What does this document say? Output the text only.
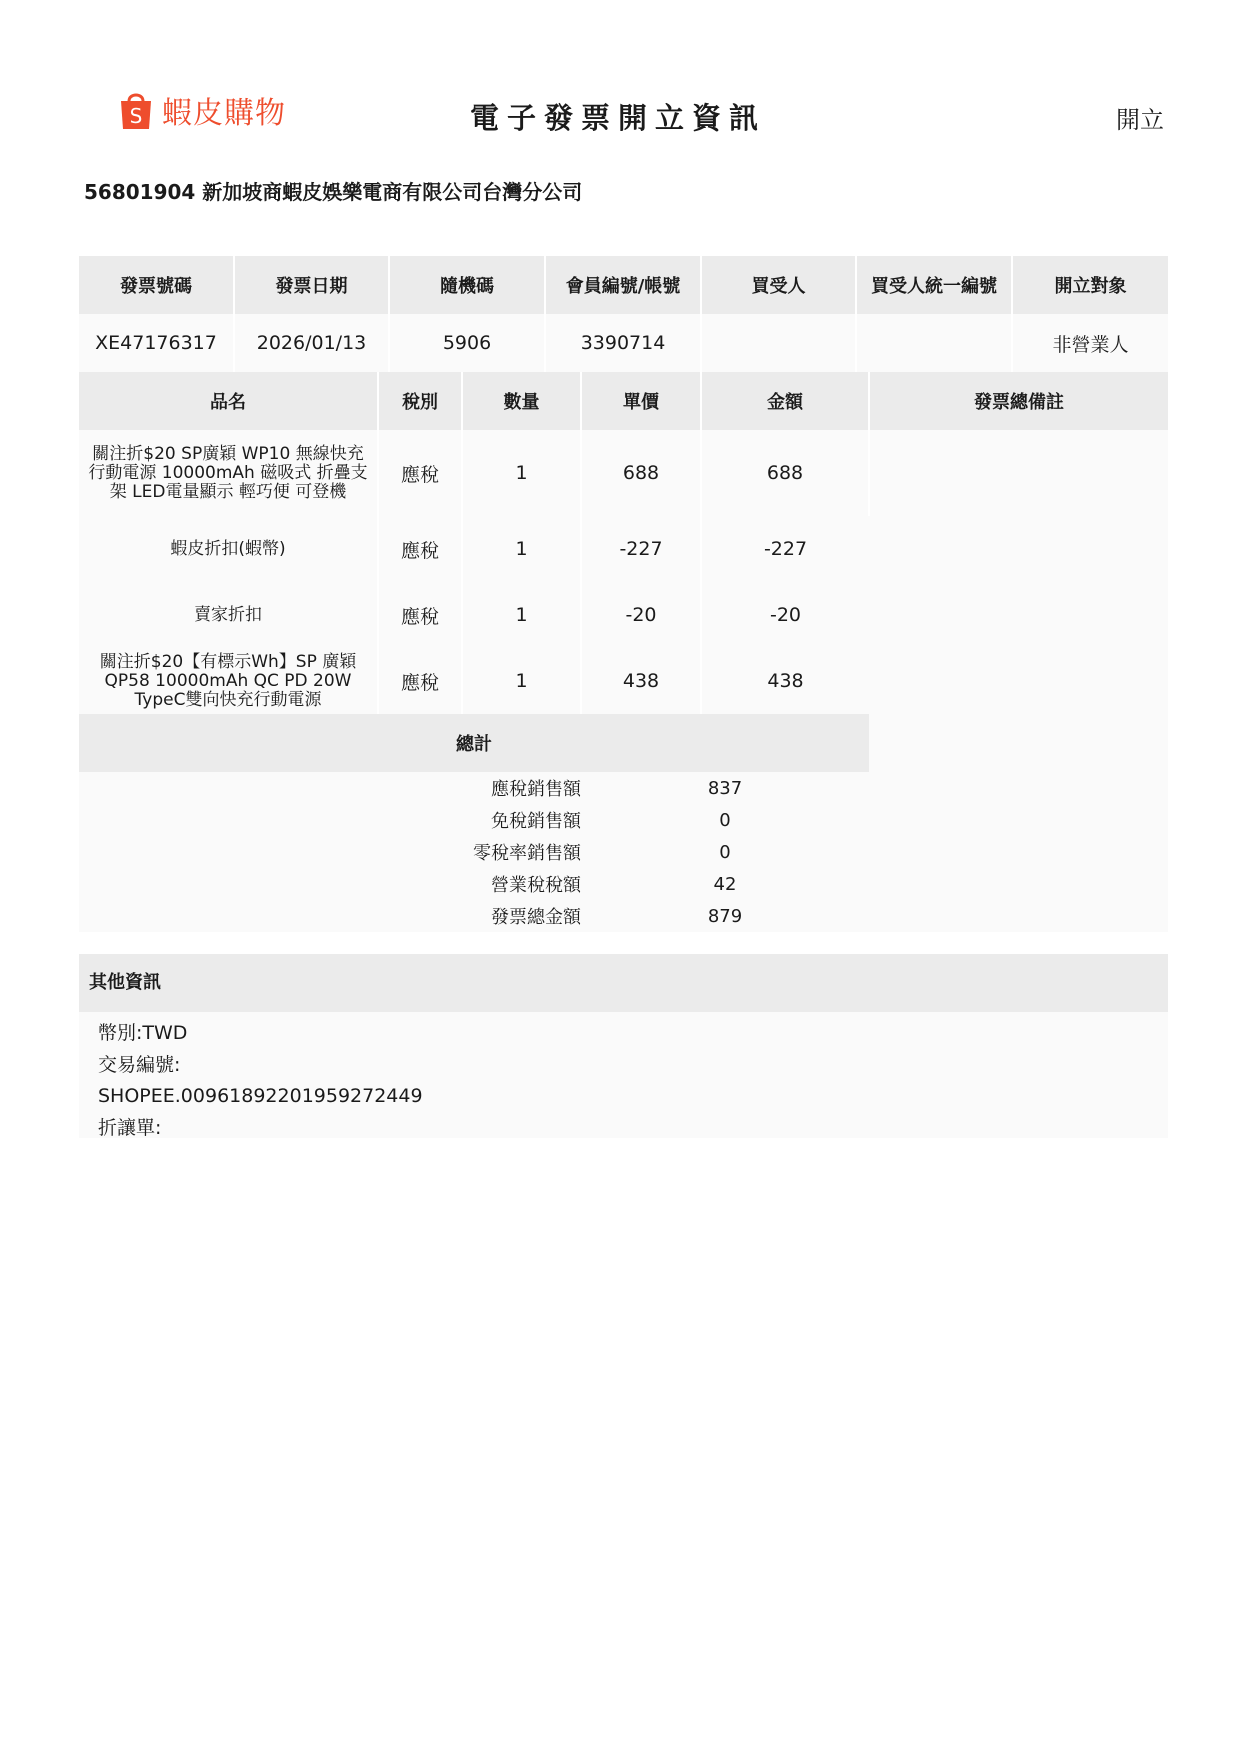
S 蝦皮購物	電子發票開立資訊	開立
56801904 新加坡商蝦皮娛樂電商有限公司台灣分公司
發票號碼	發票日期	隨機碼	會員編號/帳號	買受人	買受人統一編號	開立對象
XE47176317	2026/01/13	5906	3390714			非營業人
品名	稅別	數量	單價	金額	發票總備註
關注折$20 SP廣穎 WP10 無線快充行動電源 10000mAh 磁吸式 折疊支架 LED電量顯示 輕巧便 可登機	應稅	1	688	688	
蝦皮折扣(蝦幣)	應稅	1	-227	-227	
賣家折扣	應稅	1	-20	-20	
關注折$20【有標示Wh】SP 廣穎 QP58 10000mAh QC PD 20W TypeC雙向快充行動電源	應稅	1	438	438	
總計					
應稅銷售額			837		
免稅銷售額			0		
零稅率銷售額			0		
營業稅稅額			42		
發票總金額			879		
其他資訊
幣別:TWD
交易編號:
SHOPEE.00961892201959272449
折讓單:
